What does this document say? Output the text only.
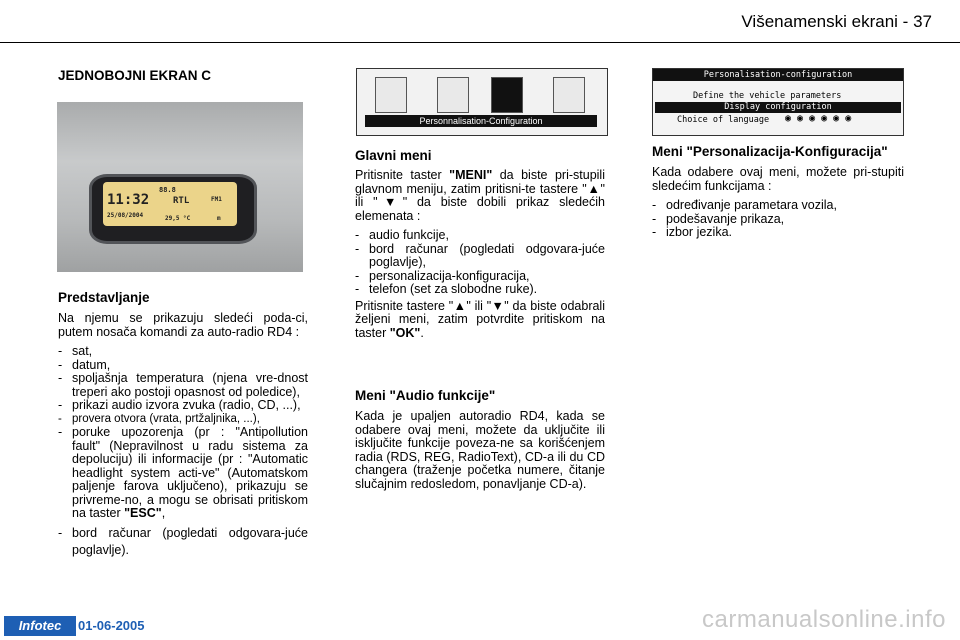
Višenamenski ekrani - 37
JEDNOBOJNI EKRAN C
11:32
25/08/2004
88.8
RTL	FM1
29,5 °C	m
Predstavljanje
Na njemu se prikazuju sledeći poda-ci, putem nosača komandi za auto-radio RD4 :
- sat,
- datum,
- spoljašnja temperatura (njena vre-dnost treperi ako postoji opasnost od poledice),
- prikazi audio izvora zvuka (radio, CD, ...),
- provera otvora (vrata, prtžaljnika, ...),
- poruke upozorenja (pr : "Antipollution fault" (Nepravilnost u radu sistema za depoluciju) ili informacije (pr : "Automatic headlight system acti-ve" (Automatskom paljenje farova uključeno), prikazuju se privreme-no, a mogu se obrisati pritiskom na taster "ESC",
- bord računar (pogledati odgovara-juće poglavlje).
Personnalisation-Configuration
Glavni meni
Pritisnite taster "MENI" da biste pri-stupili glavnom meniju, zatim pritisni-te tastere "▲" ili "▼" da biste dobili prikaz sledećih elemenata :
- audio funkcije,
- bord računar (pogledati odgovara-juće poglavlje),
- personalizacija-konfiguracija,
- telefon (set za slobodne ruke).
Pritisnite tastere "▲" ili "▼" da biste odabrali željeni meni, zatim potvrdite pritiskom na taster "OK".
Meni "Audio funkcije"
Kada je upaljen autoradio RD4, kada se odabere ovaj meni, možete da uključite ili isključite funkcije poveza-ne sa korišćenjem radia (RDS, REG, RadioText), CD-a ili du CD changera (traženje početka numere, čitanje slučajnim redosledom, ponavljanje CD-a).
Personalisation-configuration
Define the vehicle parameters
Display configuration
Choice of language ◉ ◉ ◉ ◉ ◉ ◉
Meni "Personalizacija-Konfiguracija"
Kada odabere ovaj meni, možete pri-stupiti sledećim funkcijama :
- određivanje parametara vozila,
- podešavanje prikaza,
- izbor jezika.
Infotec	01-06-2005	carmanualsonline.info
